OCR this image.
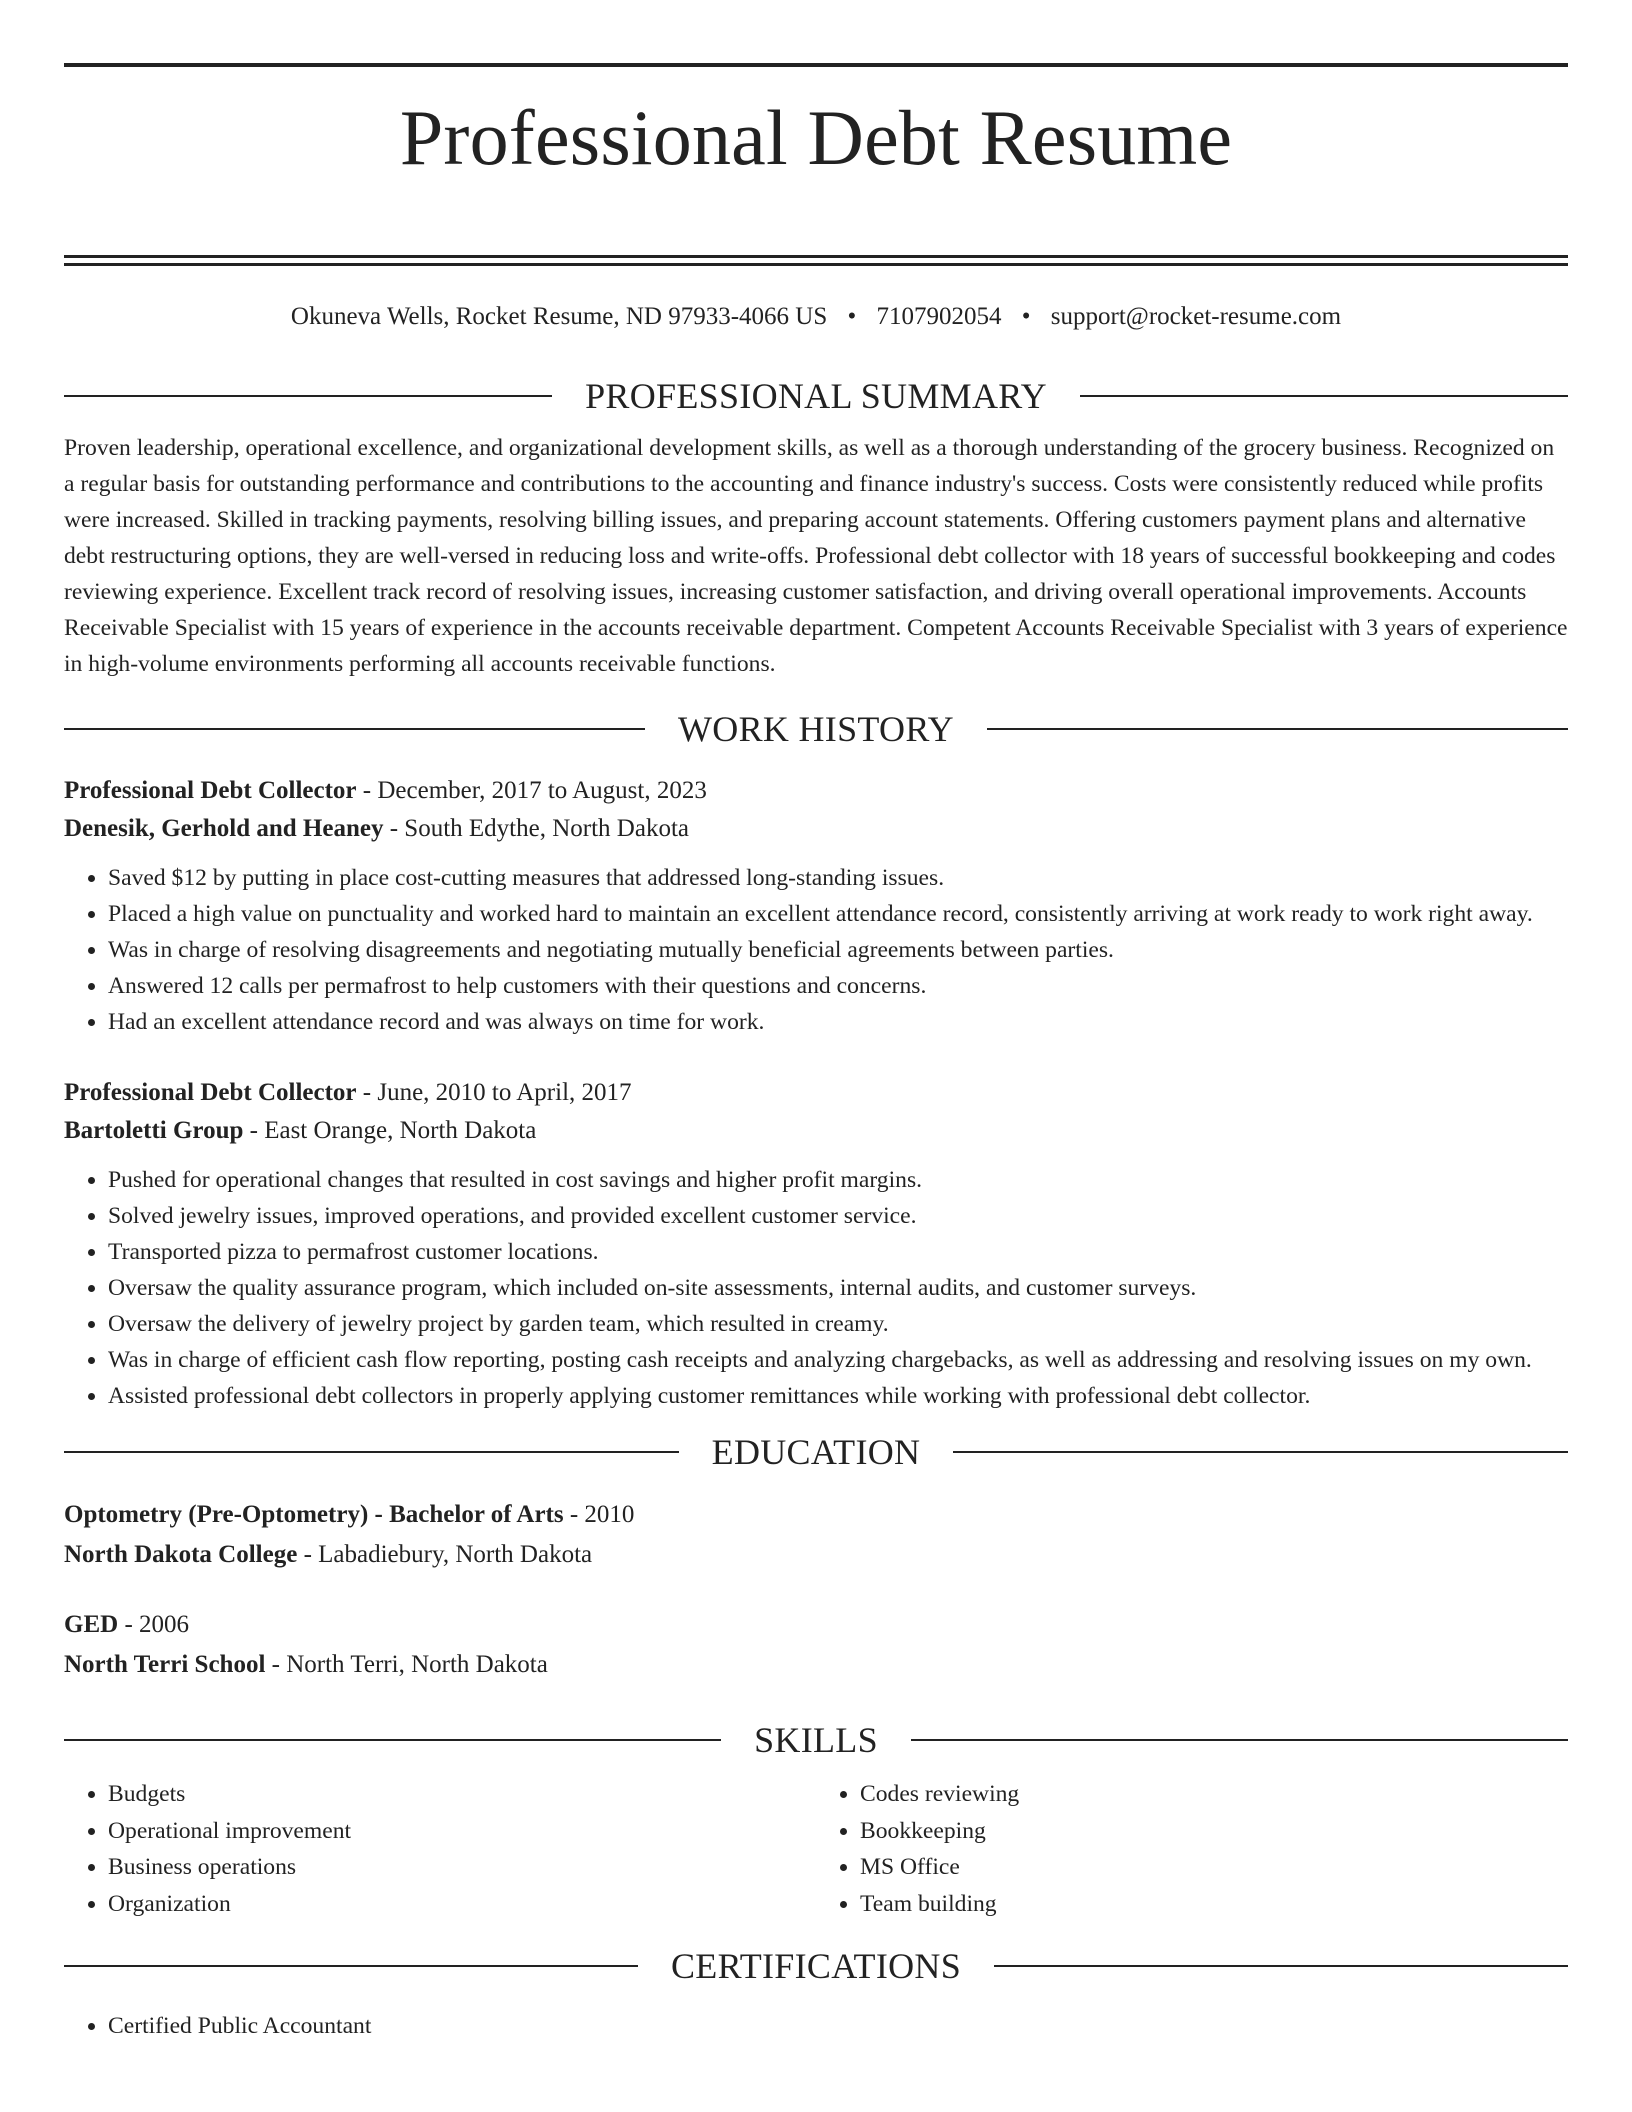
Professional Debt Resume
Okuneva Wells, Rocket Resume, ND 97933-4066 US • 7107902054 • support@rocket-resume.com
PROFESSIONAL SUMMARY
Proven leadership, operational excellence, and organizational development skills, as well as a thorough understanding of the grocery business. Recognized on a regular basis for outstanding performance and contributions to the accounting and finance industry's success. Costs were consistently reduced while profits were increased. Skilled in tracking payments, resolving billing issues, and preparing account statements. Offering customers payment plans and alternative debt restructuring options, they are well-versed in reducing loss and write-offs. Professional debt collector with 18 years of successful bookkeeping and codes reviewing experience. Excellent track record of resolving issues, increasing customer satisfaction, and driving overall operational improvements. Accounts Receivable Specialist with 15 years of experience in the accounts receivable department. Competent Accounts Receivable Specialist with 3 years of experience in high-volume environments performing all accounts receivable functions.
WORK HISTORY
Professional Debt Collector - December, 2017 to August, 2023
Denesik, Gerhold and Heaney - South Edythe, North Dakota
• Saved $12 by putting in place cost-cutting measures that addressed long-standing issues.
• Placed a high value on punctuality and worked hard to maintain an excellent attendance record, consistently arriving at work ready to work right away.
• Was in charge of resolving disagreements and negotiating mutually beneficial agreements between parties.
• Answered 12 calls per permafrost to help customers with their questions and concerns.
• Had an excellent attendance record and was always on time for work.
Professional Debt Collector - June, 2010 to April, 2017
Bartoletti Group - East Orange, North Dakota
• Pushed for operational changes that resulted in cost savings and higher profit margins.
• Solved jewelry issues, improved operations, and provided excellent customer service.
• Transported pizza to permafrost customer locations.
• Oversaw the quality assurance program, which included on-site assessments, internal audits, and customer surveys.
• Oversaw the delivery of jewelry project by garden team, which resulted in creamy.
• Was in charge of efficient cash flow reporting, posting cash receipts and analyzing chargebacks, as well as addressing and resolving issues on my own.
• Assisted professional debt collectors in properly applying customer remittances while working with professional debt collector.
EDUCATION
Optometry (Pre-Optometry) - Bachelor of Arts - 2010
North Dakota College - Labadiebury, North Dakota
GED - 2006
North Terri School - North Terri, North Dakota
SKILLS
• Budgets
• Operational improvement
• Business operations
• Organization
• Codes reviewing
• Bookkeeping
• MS Office
• Team building
CERTIFICATIONS
• Certified Public Accountant
